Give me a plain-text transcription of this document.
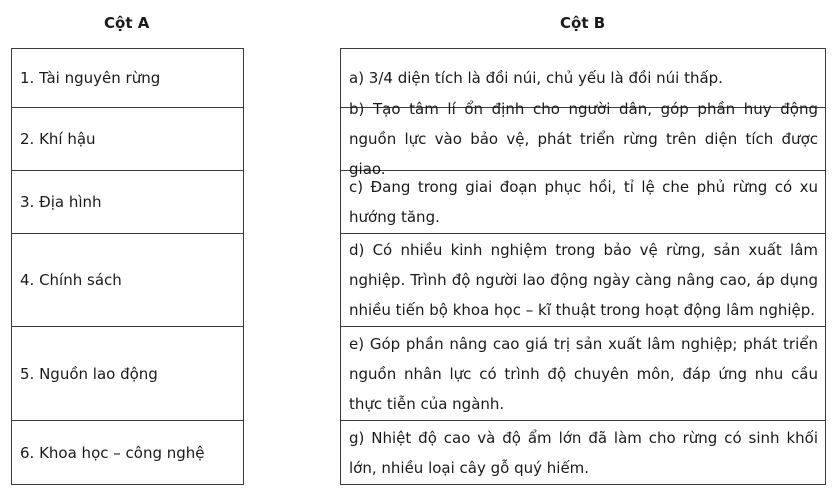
Cột A	Cột B
1. Tài nguyên rừng
2. Khí hậu
3. Địa hình
4. Chính sách
5. Nguồn lao động
6. Khoa học – công nghệ
a) 3/4 diện tích là đồi núi, chủ yếu là đồi núi thấp.
b) Tạo tâm lí ổn định cho người dân, góp phần huy động nguồn lực vào bảo vệ, phát triển rừng trên diện tích được giao.
c) Đang trong giai đoạn phục hồi, tỉ lệ che phủ rừng có xu hướng tăng.
d) Có nhiều kinh nghiệm trong bảo vệ rừng, sản xuất lâm nghiệp. Trình độ người lao động ngày càng nâng cao, áp dụng nhiều tiến bộ khoa học – kĩ thuật trong hoạt động lâm nghiệp.
e) Góp phần nâng cao giá trị sản xuất lâm nghiệp; phát triển nguồn nhân lực có trình độ chuyên môn, đáp ứng nhu cầu thực tiễn của ngành.
g) Nhiệt độ cao và độ ẩm lớn đã làm cho rừng có sinh khối lớn, nhiều loại cây gỗ quý hiếm.
